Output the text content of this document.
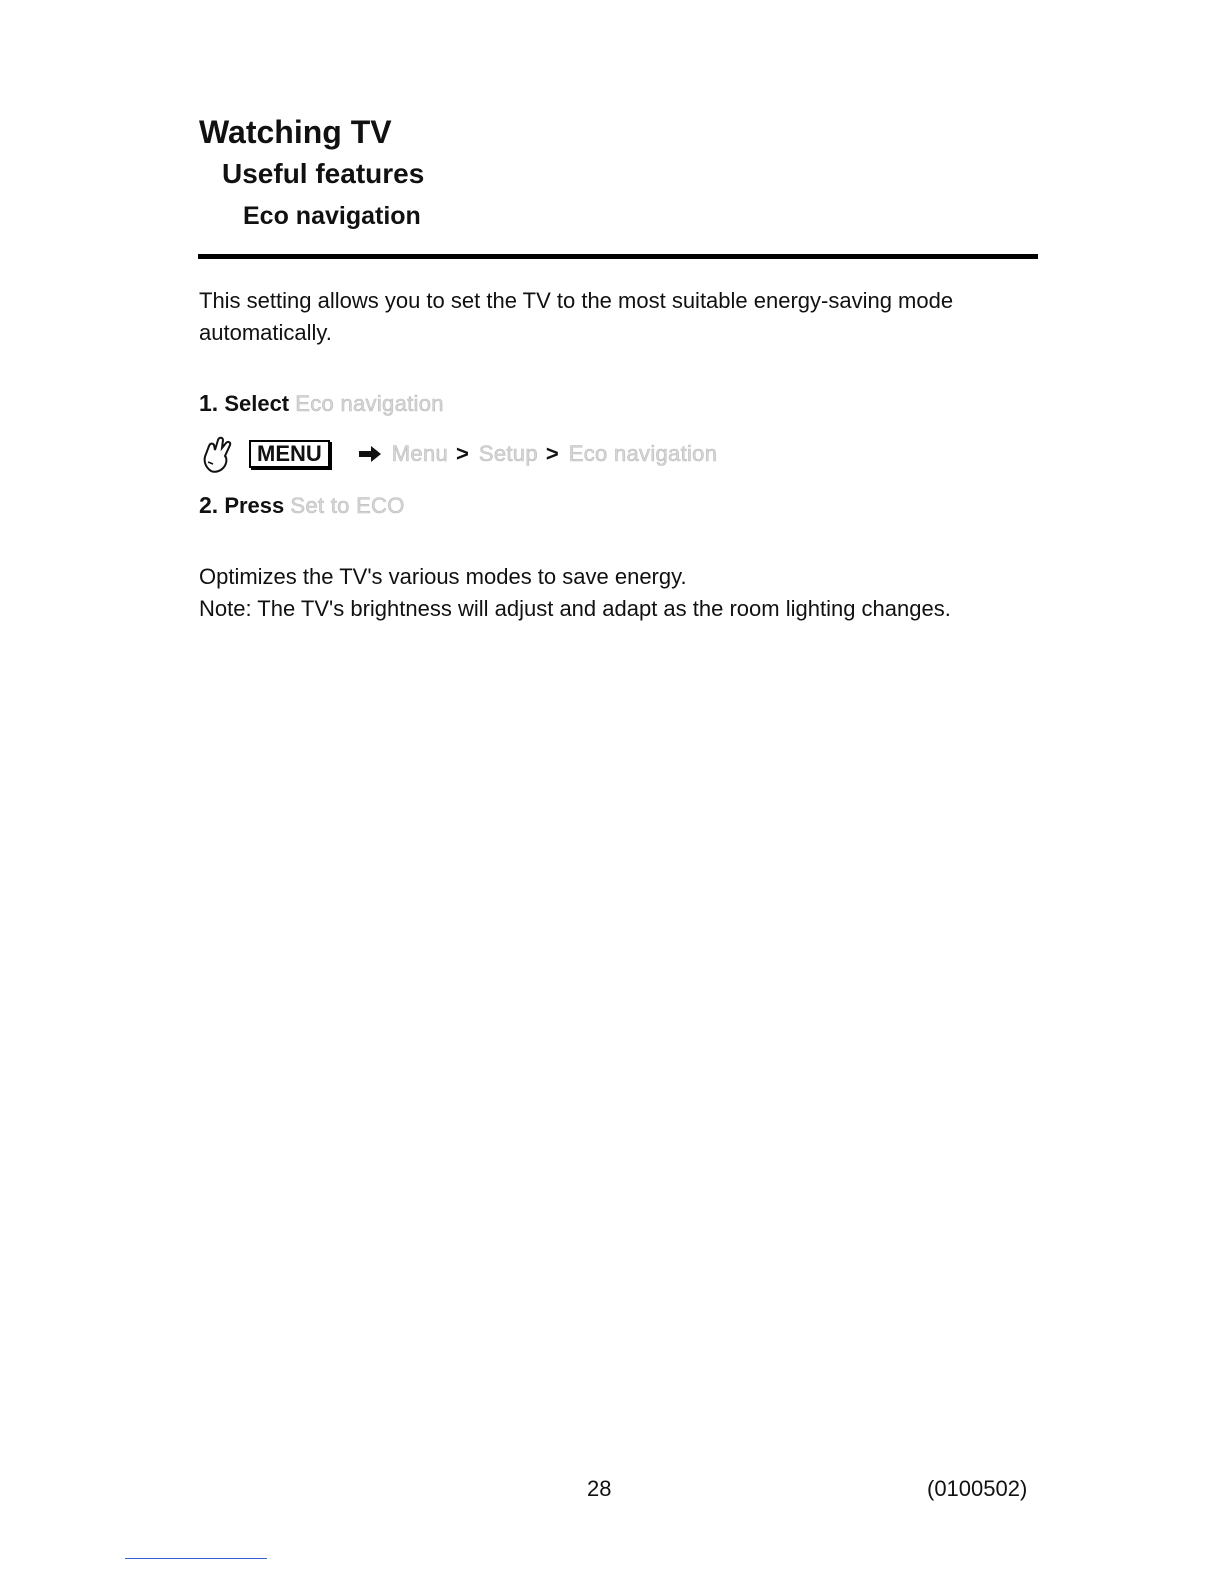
Watching TV
Useful features
Eco navigation
This setting allows you to set the TV to the most suitable energy-saving mode automatically.
1. Select Eco navigation
MENU	Menu > Setup > Eco navigation
2. Press Set to ECO
Optimizes the TV's various modes to save energy.
Note: The TV's brightness will adjust and adapt as the room lighting changes.
28	(0100502)
